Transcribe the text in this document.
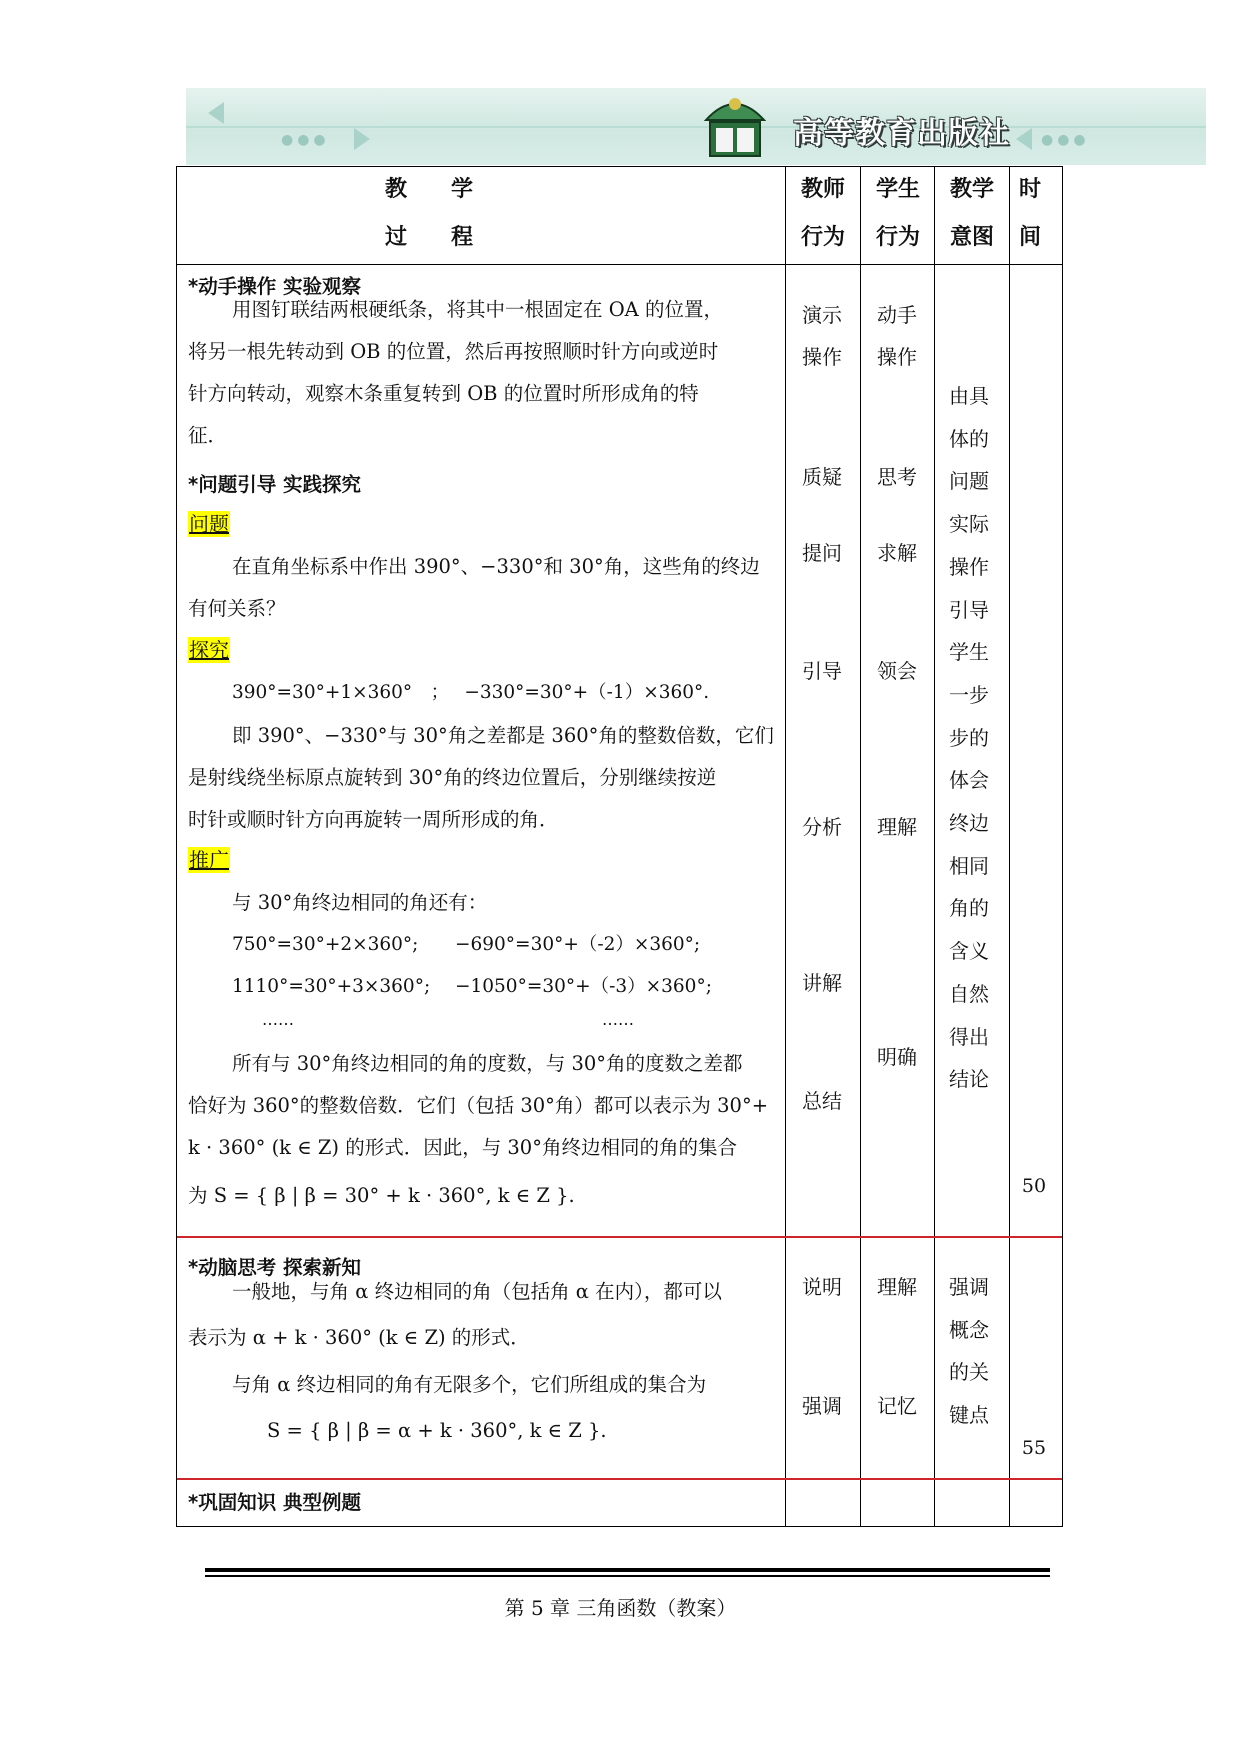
●●●	●●●
高等教育出版社
教　　学
过　　程
教师
行为
学生
行为
教学
意图
时
间
*动手操作 实验观察
用图钉联结两根硬纸条，将其中一根固定在 OA 的位置，
将另一根先转动到 OB 的位置，然后再按照顺时针方向或逆时
针方向转动，观察木条重复转到 OB 的位置时所形成角的特
征．
*问题引导 实践探究
问题
在直角坐标系中作出 390°、−330°和 30°角，这些角的终边
有何关系？
探究
390°=30°+1×360°　；　 −330°=30°+（-1）×360°.
即 390°、−330°与 30°角之差都是 360°角的整数倍数，它们
是射线绕坐标原点旋转到 30°角的终边位置后，分别继续按逆
时针或顺时针方向再旋转一周所形成的角．
推广
与 30°角终边相同的角还有：
750°=30°+2×360°; −690°=30°+（-2）×360°;
1110°=30°+3×360°; −1050°=30°+（-3）×360°;
……	……
所有与 30°角终边相同的角的度数，与 30°角的度数之差都
恰好为 360°的整数倍数．它们（包括 30°角）都可以表示为 30°+
k · 360° (k ∈ Z) 的形式．因此，与 30°角终边相同的角的集合
为 S = { β | β = 30° + k · 360°, k ∈ Z }.
演示
操作
质疑
提问
引导
分析
讲解
总结
动手
操作
思考
求解
领会
理解
明确
由具体的问题实际操作引导学生一步步的体会终边相同角的含义自然得出结论
50
*动脑思考 探索新知
一般地，与角 α 终边相同的角（包括角 α 在内），都可以
表示为 α + k · 360° (k ∈ Z) 的形式．
与角 α 终边相同的角有无限多个，它们所组成的集合为
S = { β | β = α + k · 360°, k ∈ Z }.
说明
强调
理解
记忆
强调概念的关键点
55
*巩固知识 典型例题
第 5 章 三角函数（教案）
